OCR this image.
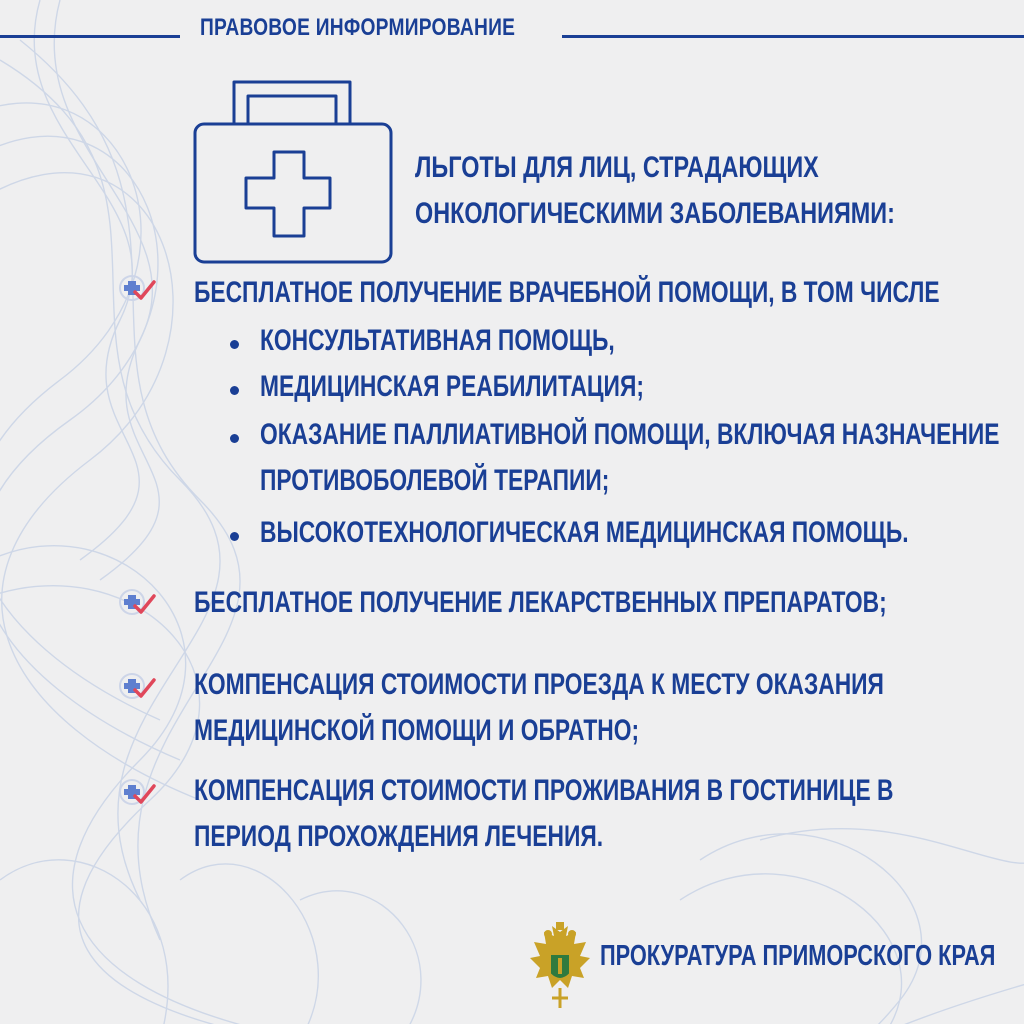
ПРАВОВОЕ ИНФОРМИРОВАНИЕ
ЛЬГОТЫ ДЛЯ ЛИЦ, СТРАДАЮЩИХ
ОНКОЛОГИЧЕСКИМИ ЗАБОЛЕВАНИЯМИ:
БЕСПЛАТНОЕ ПОЛУЧЕНИЕ ВРАЧЕБНОЙ ПОМОЩИ, В ТОМ ЧИСЛЕ
КОНСУЛЬТАТИВНАЯ ПОМОЩЬ,
МЕДИЦИНСКАЯ РЕАБИЛИТАЦИЯ;
ОКАЗАНИЕ ПАЛЛИАТИВНОЙ ПОМОЩИ, ВКЛЮЧАЯ НАЗНАЧЕНИЕ
ПРОТИВОБОЛЕВОЙ ТЕРАПИИ;
ВЫСОКОТЕХНОЛОГИЧЕСКАЯ МЕДИЦИНСКАЯ ПОМОЩЬ.
БЕСПЛАТНОЕ ПОЛУЧЕНИЕ ЛЕКАРСТВЕННЫХ ПРЕПАРАТОВ;
КОМПЕНСАЦИЯ СТОИМОСТИ ПРОЕЗДА К МЕСТУ ОКАЗАНИЯ
МЕДИЦИНСКОЙ ПОМОЩИ И ОБРАТНО;
КОМПЕНСАЦИЯ СТОИМОСТИ ПРОЖИВАНИЯ В ГОСТИНИЦЕ В
ПЕРИОД ПРОХОЖДЕНИЯ ЛЕЧЕНИЯ.
ПРОКУРАТУРА ПРИМОРСКОГО КРАЯ
